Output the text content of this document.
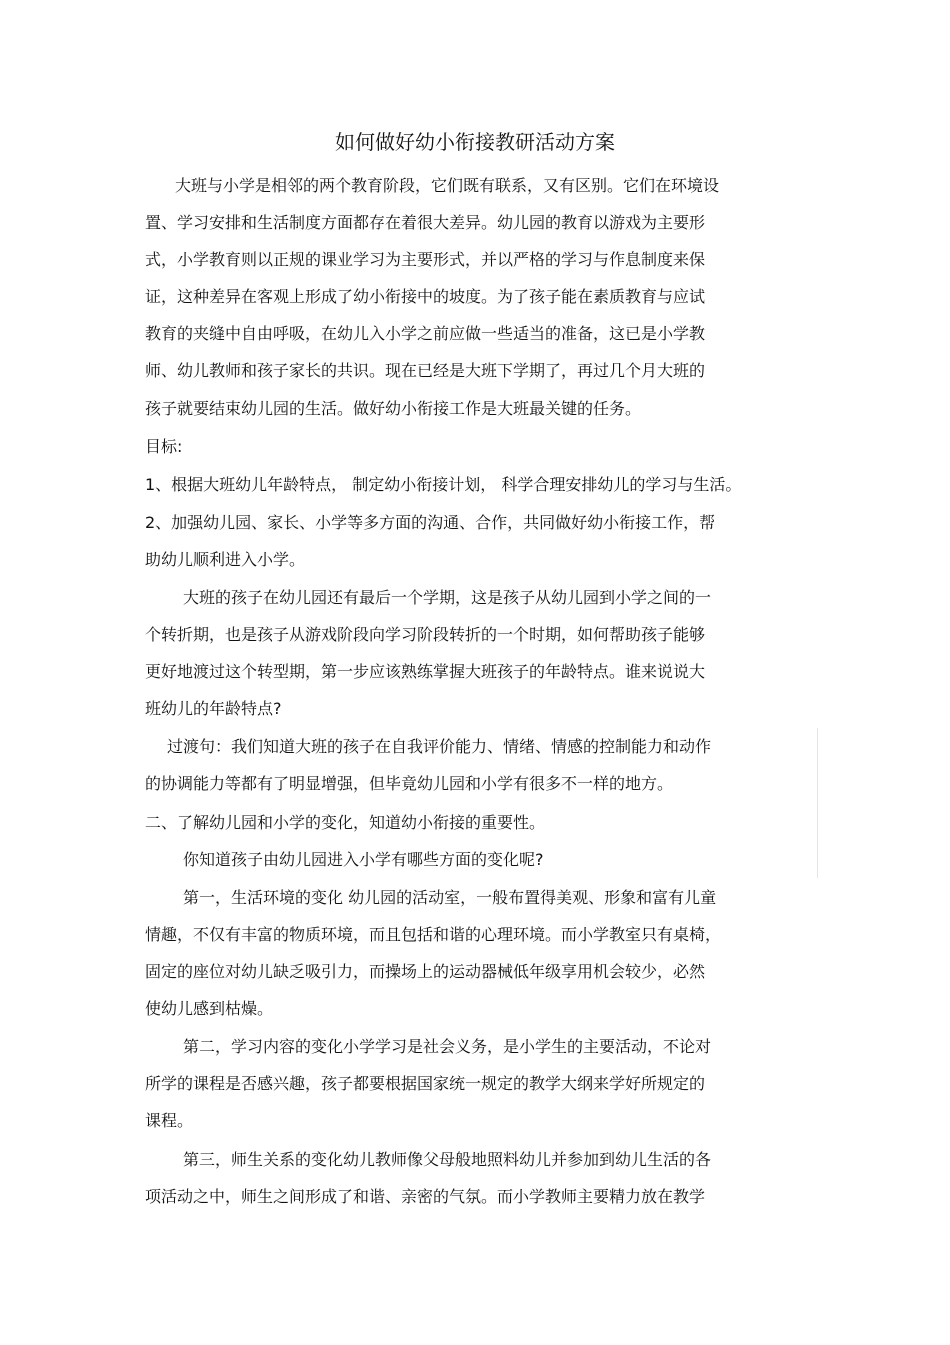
如何做好幼小衔接教研活动方案
大班与小学是相邻的两个教育阶段，它们既有联系，又有区别。它们在环境设
置、学习安排和生活制度方面都存在着很大差异。幼儿园的教育以游戏为主要形
式，小学教育则以正规的课业学习为主要形式，并以严格的学习与作息制度来保
证，这种差异在客观上形成了幼小衔接中的坡度。为了孩子能在素质教育与应试
教育的夹缝中自由呼吸，在幼儿入小学之前应做一些适当的准备，这已是小学教
师、幼儿教师和孩子家长的共识。现在已经是大班下学期了，再过几个月大班的
孩子就要结束幼儿园的生活。做好幼小衔接工作是大班最关键的任务。
目标:
1、根据大班幼儿年龄特点， 制定幼小衔接计划， 科学合理安排幼儿的学习与生活。
2、加强幼儿园、家长、小学等多方面的沟通、合作，共同做好幼小衔接工作，帮
助幼儿顺利进入小学。
大班的孩子在幼儿园还有最后一个学期，这是孩子从幼儿园到小学之间的一
个转折期，也是孩子从游戏阶段向学习阶段转折的一个时期，如何帮助孩子能够
更好地渡过这个转型期，第一步应该熟练掌握大班孩子的年龄特点。谁来说说大
班幼儿的年龄特点?
过渡句：我们知道大班的孩子在自我评价能力、情绪、情感的控制能力和动作
的协调能力等都有了明显增强，但毕竟幼儿园和小学有很多不一样的地方。
二、了解幼儿园和小学的变化，知道幼小衔接的重要性。
你知道孩子由幼儿园进入小学有哪些方面的变化呢?
第一，生活环境的变化 幼儿园的活动室，一般布置得美观、形象和富有儿童
情趣，不仅有丰富的物质环境，而且包括和谐的心理环境。而小学教室只有桌椅，
固定的座位对幼儿缺乏吸引力，而操场上的运动器械低年级享用机会较少，必然
使幼儿感到枯燥。
第二，学习内容的变化小学学习是社会义务，是小学生的主要活动，不论对
所学的课程是否感兴趣，孩子都要根据国家统一规定的教学大纲来学好所规定的
课程。
第三，师生关系的变化幼儿教师像父母般地照料幼儿并参加到幼儿生活的各
项活动之中，师生之间形成了和谐、亲密的气氛。而小学教师主要精力放在教学
